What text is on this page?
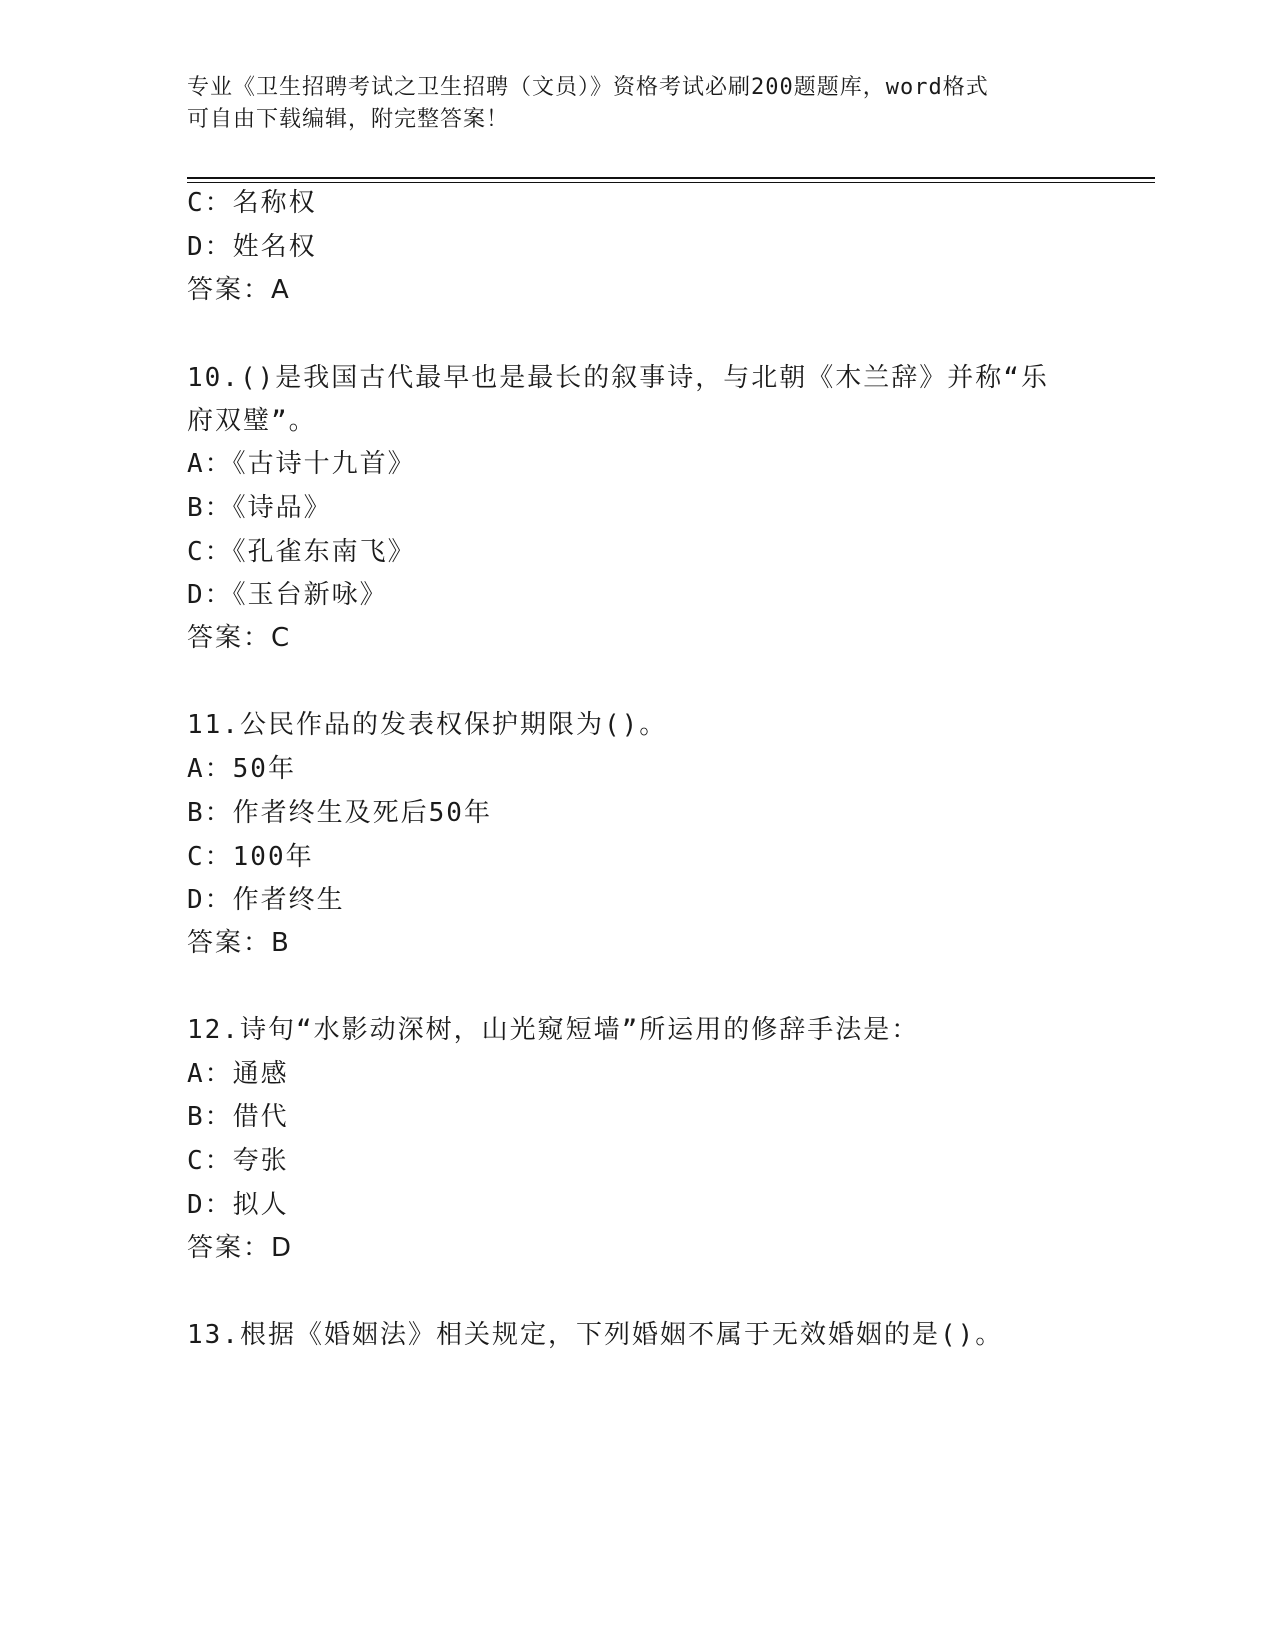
专业《卫生招聘考试之卫生招聘（文员）》资格考试必刷200题题库，word格式
可自由下载编辑，附完整答案！
C：名称权
D：姓名权
答案：A
10.()是我国古代最早也是最长的叙事诗，与北朝《木兰辞》并称“乐
府双璧”。
A：《古诗十九首》
B：《诗品》
C：《孔雀东南飞》
D：《玉台新咏》
答案：C
11.公民作品的发表权保护期限为()。
A：50年
B：作者终生及死后50年
C：100年
D：作者终生
答案：B
12.诗句“水影动深树，山光窥短墙”所运用的修辞手法是：
A：通感
B：借代
C：夸张
D：拟人
答案：D
13.根据《婚姻法》相关规定，下列婚姻不属于无效婚姻的是()。
